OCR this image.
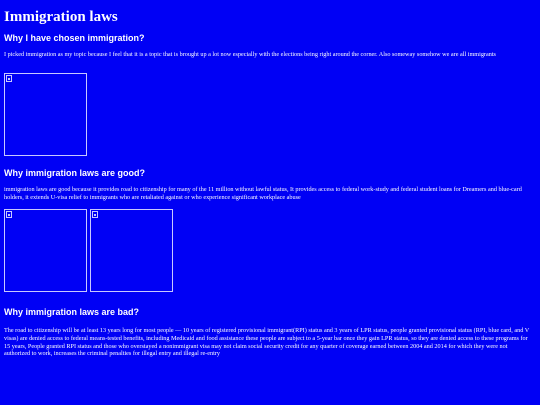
Immigration laws
Why I have chosen immigration?

I picked immigration as my topic because I feel that it is a topic that is brought up a lot now especially with the elections being right around the corner. Also someway somehow we are all immigrants

Why immigration laws are good?

immigration laws are good because it provides road to citizenship for many of the 11 million without lawful status, It provides access to federal work-study and federal student loans for Dreamers and blue-card holders, it extends U-visa relief to immigrants who are retaliated against or who experience significant workplace abuse

Why immigration laws are bad?

The road to citizenship will be at least 13 years long for most people — 10 years of registered provisional immigrant(RPI) status and 3 years of LPR status, people granted provisional status (RPI, blue card, and V visas) are denied access to federal means-tested benefits, including Medicaid and food assistance these people are subject to a 5-year bar once they gain LPR status, so they are denied access to these programs for 15 years, People granted RPI status and those who overstayed a nonimmigrant visa may not claim social security credit for any quarter of coverage earned between 2004 and 2014 for which they were not authorized to work, increases the criminal penalties for illegal entry and illegal re-entry
